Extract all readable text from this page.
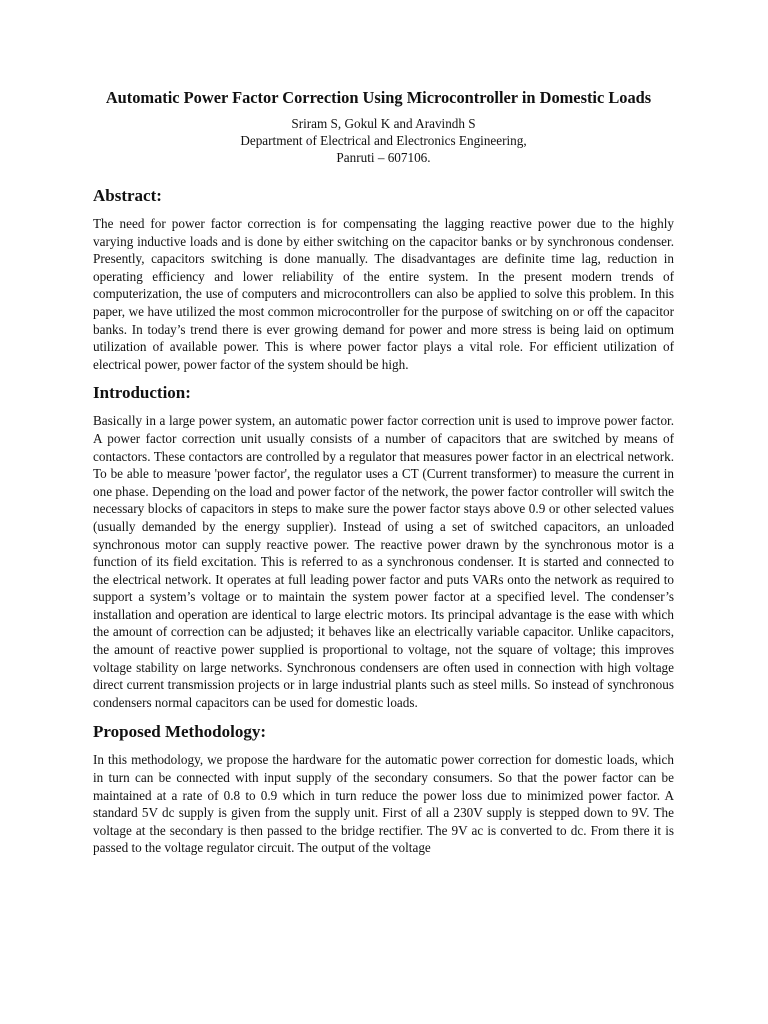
Automatic Power Factor Correction Using Microcontroller in Domestic Loads
Sriram S, Gokul K and Aravindh S
Department of Electrical and Electronics Engineering,
Panruti – 607106.
Abstract:

The need for power factor correction is for compensating the lagging reactive power due to the highly varying inductive loads and is done by either switching on the capacitor banks or by synchronous condenser. Presently, capacitors switching is done manually. The disadvantages are definite time lag, reduction in operating efficiency and lower reliability of the entire system. In the present modern trends of computerization, the use of computers and microcontrollers can also be applied to solve this problem. In this paper, we have utilized the most common microcontroller for the purpose of switching on or off the capacitor banks. In today’s trend there is ever growing demand for power and more stress is being laid on optimum utilization of available power. This is where power factor plays a vital role. For efficient utilization of electrical power, power factor of the system should be high.

Introduction:

Basically in a large power system, an automatic power factor correction unit is used to improve power factor. A power factor correction unit usually consists of a number of capacitors that are switched by means of contactors. These contactors are controlled by a regulator that measures power factor in an electrical network. To be able to measure 'power factor', the regulator uses a CT (Current transformer) to measure the current in one phase. Depending on the load and power factor of the network, the power factor controller will switch the necessary blocks of capacitors in steps to make sure the power factor stays above 0.9 or other selected values (usually demanded by the energy supplier). Instead of using a set of switched capacitors, an unloaded synchronous motor can supply reactive power. The reactive power drawn by the synchronous motor is a function of its field excitation. This is referred to as a synchronous condenser. It is started and connected to the electrical network. It operates at full leading power factor and puts VARs onto the network as required to support a system’s voltage or to maintain the system power factor at a specified level. The condenser’s installation and operation are identical to large electric motors. Its principal advantage is the ease with which the amount of correction can be adjusted; it behaves like an electrically variable capacitor. Unlike capacitors, the amount of reactive power supplied is proportional to voltage, not the square of voltage; this improves voltage stability on large networks. Synchronous condensers are often used in connection with high voltage direct current transmission projects or in large industrial plants such as steel mills. So instead of synchronous condensers normal capacitors can be used for domestic loads.

Proposed Methodology:

In this methodology, we propose the hardware for the automatic power correction for domestic loads, which in turn can be connected with input supply of the secondary consumers. So that the power factor can be maintained at a rate of 0.8 to 0.9 which in turn reduce the power loss due to minimized power factor. A standard 5V dc supply is given from the supply unit. First of all a 230V supply is stepped down to 9V. The voltage at the secondary is then passed to the bridge rectifier. The 9V ac is converted to dc. From there it is passed to the voltage regulator circuit. The output of the voltage
